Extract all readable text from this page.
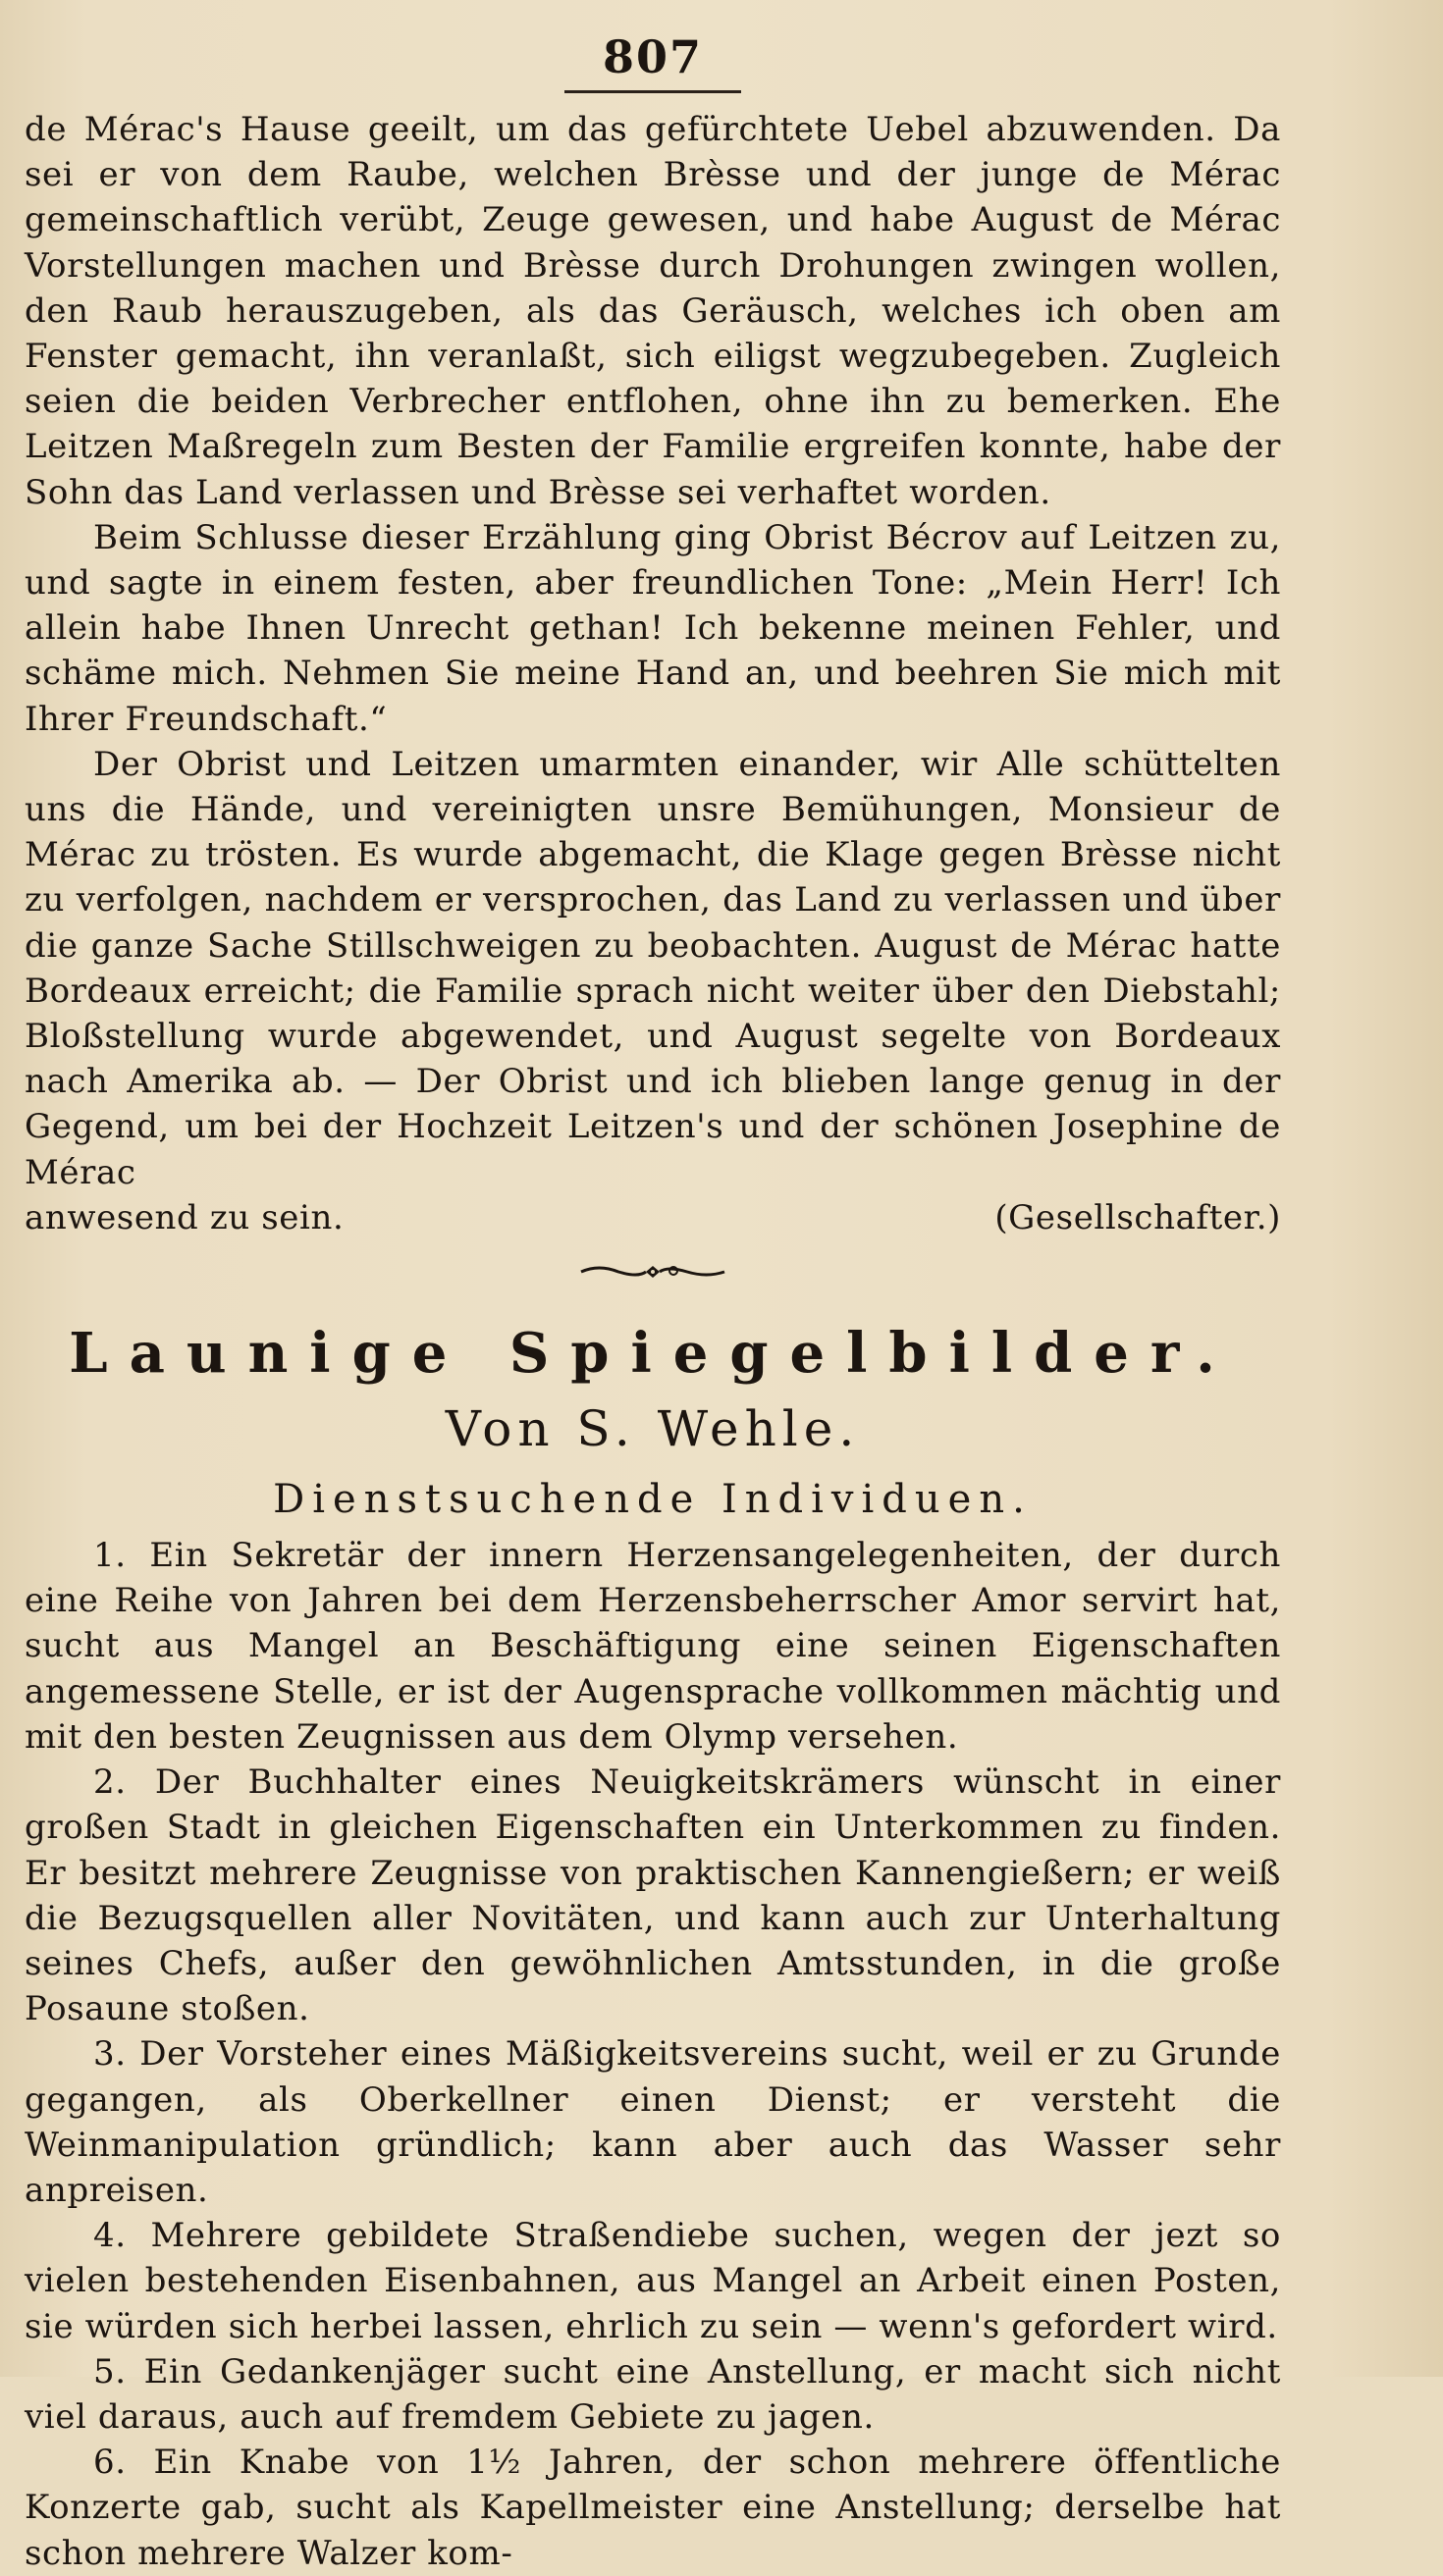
807

de Mérac's Hause geeilt, um das gefürchtete Uebel abzuwenden. Da sei er von dem Raube, welchen Brèsse und der junge de Mérac gemeinschaftlich verübt, Zeuge gewesen, und habe August de Mérac Vorstellungen machen und Brèsse durch Drohungen zwingen wollen, den Raub herauszugeben, als das Geräusch, welches ich oben am Fenster gemacht, ihn veranlaßt, sich eiligst wegzubegeben. Zugleich seien die beiden Verbrecher entflohen, ohne ihn zu bemerken. Ehe Leitzen Maßregeln zum Besten der Familie ergreifen konnte, habe der Sohn das Land verlassen und Brèsse sei verhaftet worden.

Beim Schlusse dieser Erzählung ging Obrist Bécrov auf Leitzen zu, und sagte in einem festen, aber freundlichen Tone: „Mein Herr! Ich allein habe Ihnen Unrecht gethan! Ich bekenne meinen Fehler, und schäme mich. Nehmen Sie meine Hand an, und beehren Sie mich mit Ihrer Freundschaft.“

Der Obrist und Leitzen umarmten einander, wir Alle schüttelten uns die Hände, und vereinigten unsre Bemühungen, Monsieur de Mérac zu trösten. Es wurde abgemacht, die Klage gegen Brèsse nicht zu verfolgen, nachdem er versprochen, das Land zu verlassen und über die ganze Sache Stillschweigen zu beobachten. August de Mérac hatte Bordeaux erreicht; die Familie sprach nicht weiter über den Diebstahl; Bloßstellung wurde abgewendet, und August segelte von Bordeaux nach Amerika ab. — Der Obrist und ich blieben lange genug in der Gegend, um bei der Hochzeit Leitzen's und der schönen Josephine de Mérac

anwesend zu sein.	(Gesellschafter.)
Launige Spiegelbilder.
Von S. Wehle.
Dienstsuchende Individuen.

1. Ein Sekretär der innern Herzensangelegenheiten, der durch eine Reihe von Jahren bei dem Herzensbeherrscher Amor servirt hat, sucht aus Mangel an Beschäftigung eine seinen Eigenschaften angemessene Stelle, er ist der Augensprache vollkommen mächtig und mit den besten Zeugnissen aus dem Olymp versehen.

2. Der Buchhalter eines Neuigkeitskrämers wünscht in einer großen Stadt in gleichen Eigenschaften ein Unterkommen zu finden. Er besitzt mehrere Zeugnisse von praktischen Kannengießern; er weiß die Bezugsquellen aller Novitäten, und kann auch zur Unterhaltung seines Chefs, außer den gewöhnlichen Amtsstunden, in die große Posaune stoßen.

3. Der Vorsteher eines Mäßigkeitsvereins sucht, weil er zu Grunde gegangen, als Oberkellner einen Dienst; er versteht die Weinmanipulation gründlich; kann aber auch das Wasser sehr anpreisen.

4. Mehrere gebildete Straßendiebe suchen, wegen der jezt so vielen bestehenden Eisenbahnen, aus Mangel an Arbeit einen Posten, sie würden sich herbei lassen, ehrlich zu sein — wenn's gefordert wird.

5. Ein Gedankenjäger sucht eine Anstellung, er macht sich nicht viel daraus, auch auf fremdem Gebiete zu jagen.

6. Ein Knabe von 1½ Jahren, der schon mehrere öffentliche Konzerte gab, sucht als Kapellmeister eine Anstellung; derselbe hat schon mehrere Walzer kom-
